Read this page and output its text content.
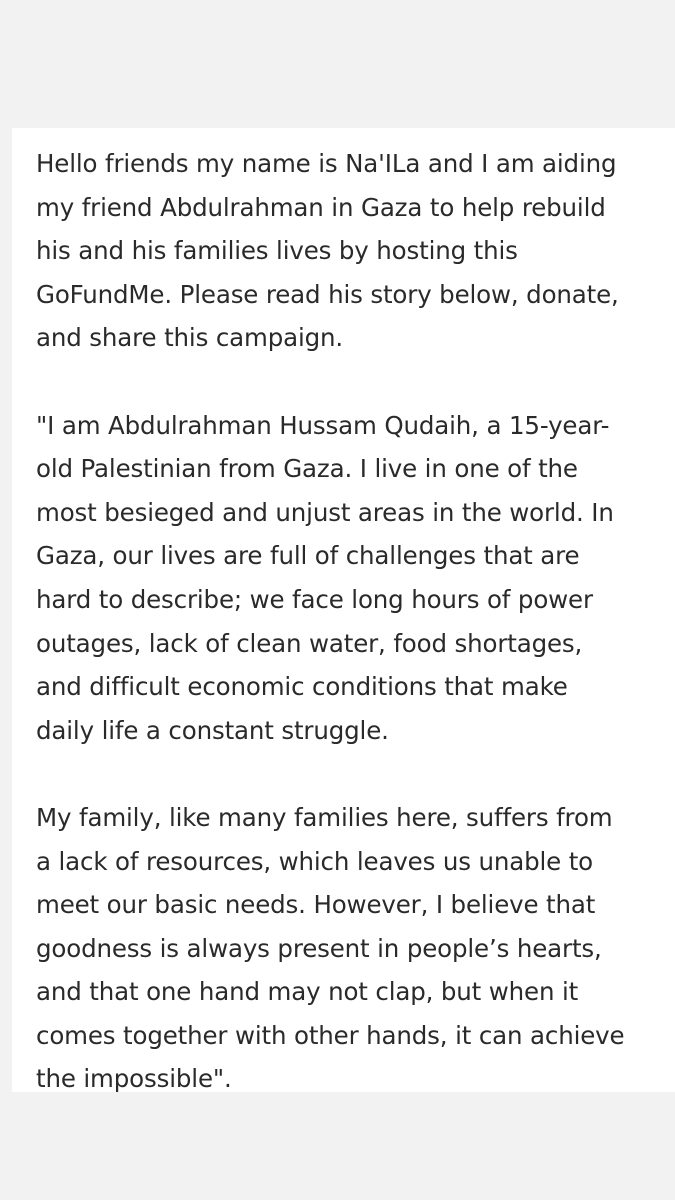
Hello friends my name is Na'ILa and I am aiding
my friend Abdulrahman in Gaza to help rebuild
his and his families lives by hosting this
GoFundMe. Please read his story below, donate,
and share this campaign.
"I am Abdulrahman Hussam Qudaih, a 15-year-
old Palestinian from Gaza. I live in one of the
most besieged and unjust areas in the world. In
Gaza, our lives are full of challenges that are
hard to describe; we face long hours of power
outages, lack of clean water, food shortages,
and difficult economic conditions that make
daily life a constant struggle.
My family, like many families here, suffers from
a lack of resources, which leaves us unable to
meet our basic needs. However, I believe that
goodness is always present in people’s hearts,
and that one hand may not clap, but when it
comes together with other hands, it can achieve
the impossible".
